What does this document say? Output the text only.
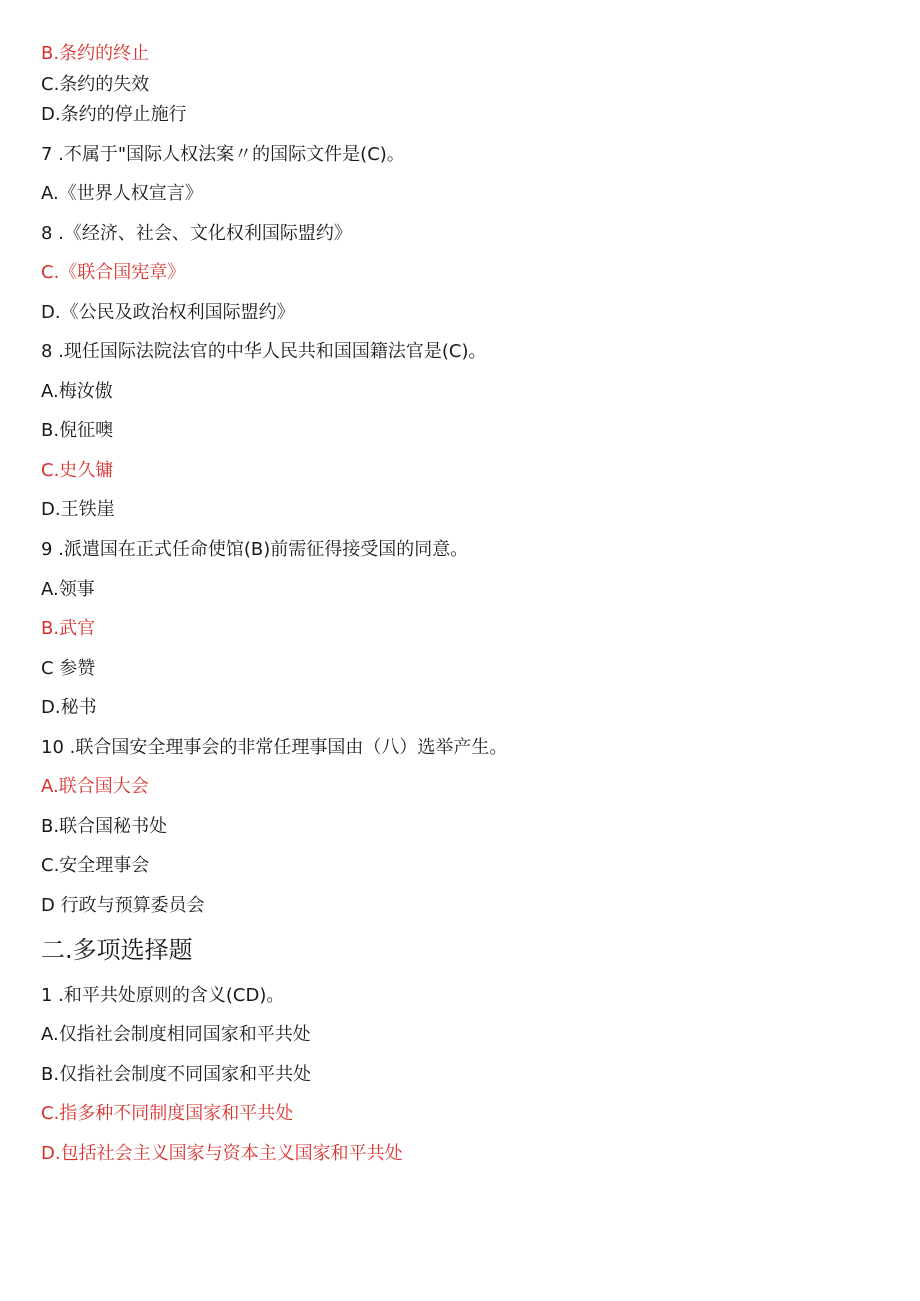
B.条约的终止
C.条约的失效
D.条约的停止施行
7 .不属于"国际人权法案〃的国际文件是(C)。
A.《世界人权宣言》
8 .《经济、社会、文化权利国际盟约》
C.《联合国宪章》
D.《公民及政治权利国际盟约》
8 .现任国际法院法官的中华人民共和国国籍法官是(C)。
A.梅汝傲
B.倪征噢
C.史久镛
D.王铁崖
9 .派遣国在正式任命使馆(B)前需征得接受国的同意。
A.领事
B.武官
C 参赞
D.秘书
10 .联合国安全理事会的非常任理事国由（八）选举产生。
A.联合国大会
B.联合国秘书处
C.安全理事会
D 行政与预算委员会
二.多项选择题
1 .和平共处原则的含义(CD)。
A.仅指社会制度相同国家和平共处
B.仅指社会制度不同国家和平共处
C.指多种不同制度国家和平共处
D.包括社会主义国家与资本主义国家和平共处
